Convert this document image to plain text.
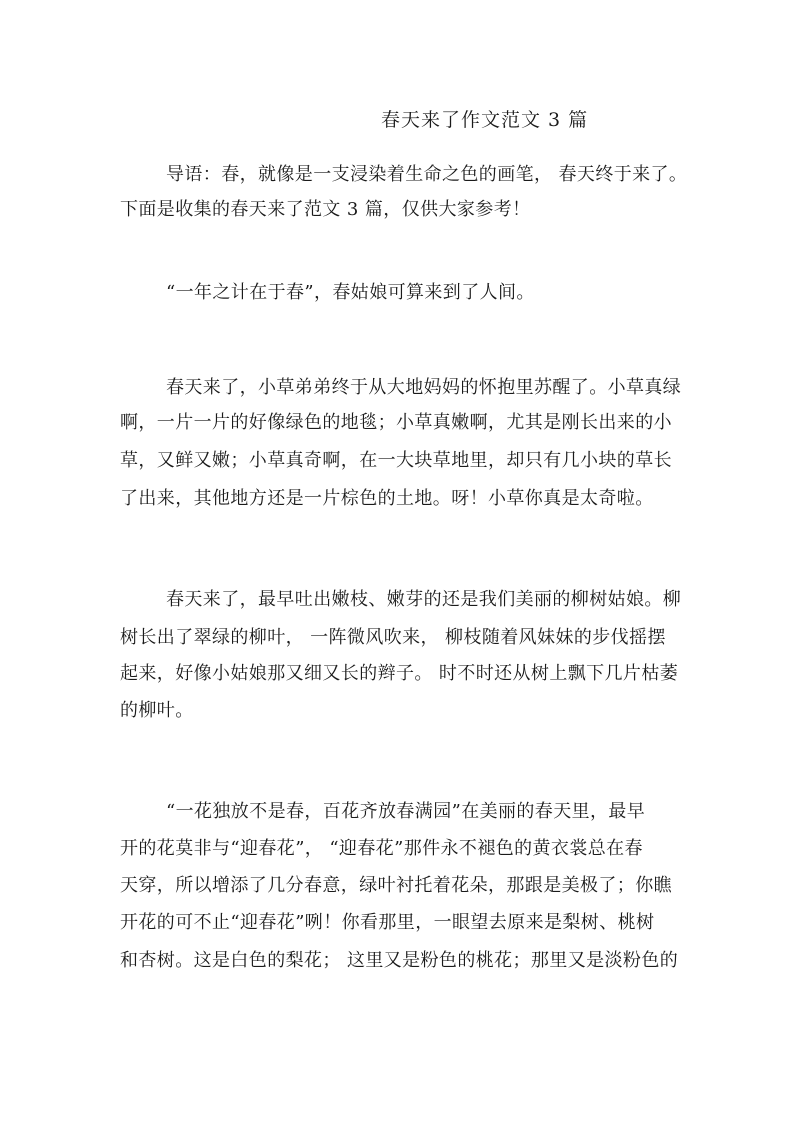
春天来了作文范文 3 篇
导语：春，就像是一支浸染着生命之色的画笔， 春天终于来了。
下面是收集的春天来了范文 3 篇，仅供大家参考！
“一年之计在于春”，春姑娘可算来到了人间。
春天来了，小草弟弟终于从大地妈妈的怀抱里苏醒了。小草真绿
啊，一片一片的好像绿色的地毯；小草真嫩啊，尤其是刚长出来的小
草，又鲜又嫩；小草真奇啊，在一大块草地里，却只有几小块的草长
了出来，其他地方还是一片棕色的土地。呀！小草你真是太奇啦。
春天来了，最早吐出嫩枝、嫩芽的还是我们美丽的柳树姑娘。柳
树长出了翠绿的柳叶， 一阵微风吹来， 柳枝随着风妹妹的步伐摇摆
起来，好像小姑娘那又细又长的辫子。 时不时还从树上飘下几片枯萎
的柳叶。
“一花独放不是春，百花齐放春满园”在美丽的春天里，最早
开的花莫非与“迎春花”， “迎春花”那件永不褪色的黄衣裳总在春
天穿，所以增添了几分春意，绿叶衬托着花朵，那跟是美极了；你瞧
开花的可不止“迎春花”咧！你看那里，一眼望去原来是梨树、桃树
和杏树。这是白色的梨花； 这里又是粉色的桃花；那里又是淡粉色的
